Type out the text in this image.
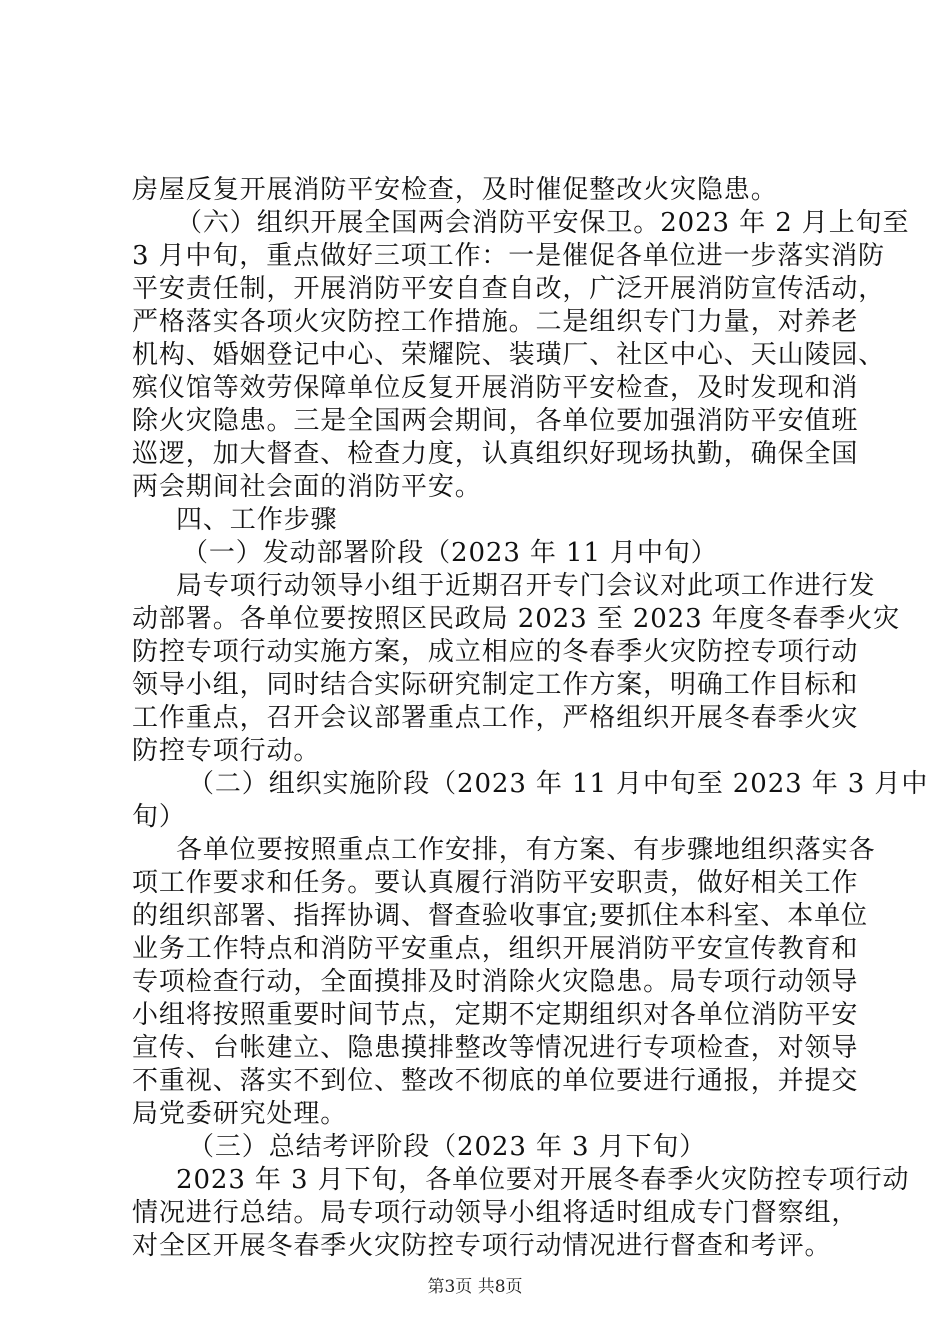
房屋反复开展消防平安检查，及时催促整改火灾隐患。
（六）组织开展全国两会消防平安保卫。2023 年 2 月上旬至
3 月中旬，重点做好三项工作：一是催促各单位进一步落实消防
平安责任制，开展消防平安自查自改，广泛开展消防宣传活动，
严格落实各项火灾防控工作措施。二是组织专门力量，对养老
机构、婚姻登记中心、荣耀院、装璜厂、社区中心、天山陵园、
殡仪馆等效劳保障单位反复开展消防平安检查，及时发现和消
除火灾隐患。三是全国两会期间，各单位要加强消防平安值班
巡逻，加大督查、检查力度，认真组织好现场执勤，确保全国
两会期间社会面的消防平安。
四、工作步骤
（一）发动部署阶段（2023 年 11 月中旬）
局专项行动领导小组于近期召开专门会议对此项工作进行发
动部署。各单位要按照区民政局 2023 至 2023 年度冬春季火灾
防控专项行动实施方案，成立相应的冬春季火灾防控专项行动
领导小组，同时结合实际研究制定工作方案，明确工作目标和
工作重点，召开会议部署重点工作，严格组织开展冬春季火灾
防控专项行动。
（二）组织实施阶段（2023 年 11 月中旬至 2023 年 3 月中
旬）
各单位要按照重点工作安排，有方案、有步骤地组织落实各
项工作要求和任务。要认真履行消防平安职责，做好相关工作
的组织部署、指挥协调、督查验收事宜;要抓住本科室、本单位
业务工作特点和消防平安重点，组织开展消防平安宣传教育和
专项检查行动，全面摸排及时消除火灾隐患。局专项行动领导
小组将按照重要时间节点，定期不定期组织对各单位消防平安
宣传、台帐建立、隐患摸排整改等情况进行专项检查，对领导
不重视、落实不到位、整改不彻底的单位要进行通报，并提交
局党委研究处理。
（三）总结考评阶段（2023 年 3 月下旬）
2023 年 3 月下旬，各单位要对开展冬春季火灾防控专项行动
情况进行总结。局专项行动领导小组将适时组成专门督察组，
对全区开展冬春季火灾防控专项行动情况进行督查和考评。
第3页 共8页
